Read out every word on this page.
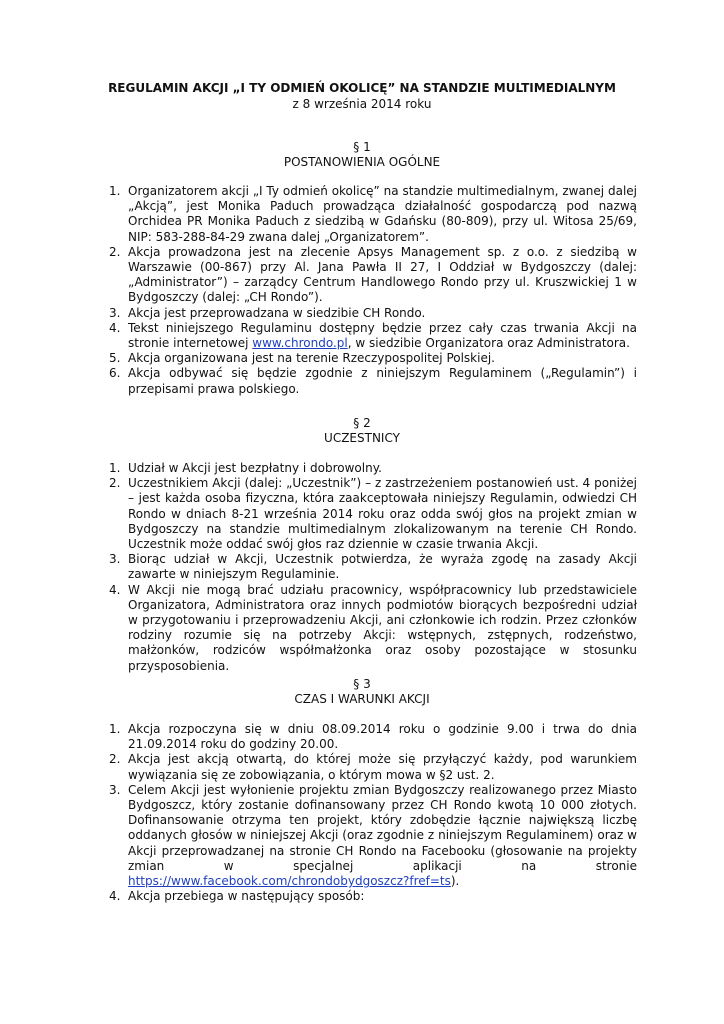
REGULAMIN AKCJI „I TY ODMIEŃ OKOLICĘ” NA STANDZIE MULTIMEDIALNYM
z 8 września 2014 roku
§ 1
POSTANOWIENIA OGÓLNE
1. Organizatorem akcji „I Ty odmień okolicę” na standzie multimedialnym, zwanej dalej „Akcją”, jest Monika Paduch prowadząca działalność gospodarczą pod nazwą Orchidea PR Monika Paduch z siedzibą w Gdańsku (80-809), przy ul. Witosa 25/69, NIP: 583-288-84-29 zwana dalej „Organizatorem”.
2. Akcja prowadzona jest na zlecenie Apsys Management sp. z o.o. z siedzibą w Warszawie (00-867) przy Al. Jana Pawła II 27, I Oddział w Bydgoszczy (dalej: „Administrator”) – zarządcy Centrum Handlowego Rondo przy ul. Kruszwickiej 1 w Bydgoszczy (dalej: „CH Rondo”).
3. Akcja jest przeprowadzana w siedzibie CH Rondo.
4. Tekst niniejszego Regulaminu dostępny będzie przez cały czas trwania Akcji na stronie internetowej www.chrondo.pl, w siedzibie Organizatora oraz Administratora.
5. Akcja organizowana jest na terenie Rzeczypospolitej Polskiej.
6. Akcja odbywać się będzie zgodnie z niniejszym Regulaminem („Regulamin”) i przepisami prawa polskiego.
§ 2
UCZESTNICY
1. Udział w Akcji jest bezpłatny i dobrowolny.
2. Uczestnikiem Akcji (dalej: „Uczestnik”) – z zastrzeżeniem postanowień ust. 4 poniżej – jest każda osoba fizyczna, która zaakceptowała niniejszy Regulamin, odwiedzi CH Rondo w dniach 8-21 września 2014 roku oraz odda swój głos na projekt zmian w Bydgoszczy na standzie multimedialnym zlokalizowanym na terenie CH Rondo. Uczestnik może oddać swój głos raz dziennie w czasie trwania Akcji.
3. Biorąc udział w Akcji, Uczestnik potwierdza, że wyraża zgodę na zasady Akcji zawarte w niniejszym Regulaminie.
4. W Akcji nie mogą brać udziału pracownicy, współpracownicy lub przedstawiciele Organizatora, Administratora oraz innych podmiotów biorących bezpośredni udział w przygotowaniu i przeprowadzeniu Akcji, ani członkowie ich rodzin. Przez członków rodziny rozumie się na potrzeby Akcji: wstępnych, zstępnych, rodzeństwo, małżonków, rodziców współmałżonka oraz osoby pozostające w stosunku przysposobienia.
§ 3
CZAS I WARUNKI AKCJI
1. Akcja rozpoczyna się w dniu 08.09.2014 roku o godzinie 9.00 i trwa do dnia 21.09.2014 roku do godziny 20.00.
2. Akcja jest akcją otwartą, do której może się przyłączyć każdy, pod warunkiem wywiązania się ze zobowiązania, o którym mowa w §2 ust. 2.
3. Celem Akcji jest wyłonienie projektu zmian Bydgoszczy realizowanego przez Miasto Bydgoszcz, który zostanie dofinansowany przez CH Rondo kwotą 10 000 złotych. Dofinansowanie otrzyma ten projekt, który zdobędzie łącznie największą liczbę oddanych głosów w niniejszej Akcji (oraz zgodnie z niniejszym Regulaminem) oraz w Akcji przeprowadzanej na stronie CH Rondo na Facebooku (głosowanie na projekty zmian w specjalnej aplikacji na stronie https://www.facebook.com/chrondobydgoszcz?fref=ts).
4. Akcja przebiega w następujący sposób:
